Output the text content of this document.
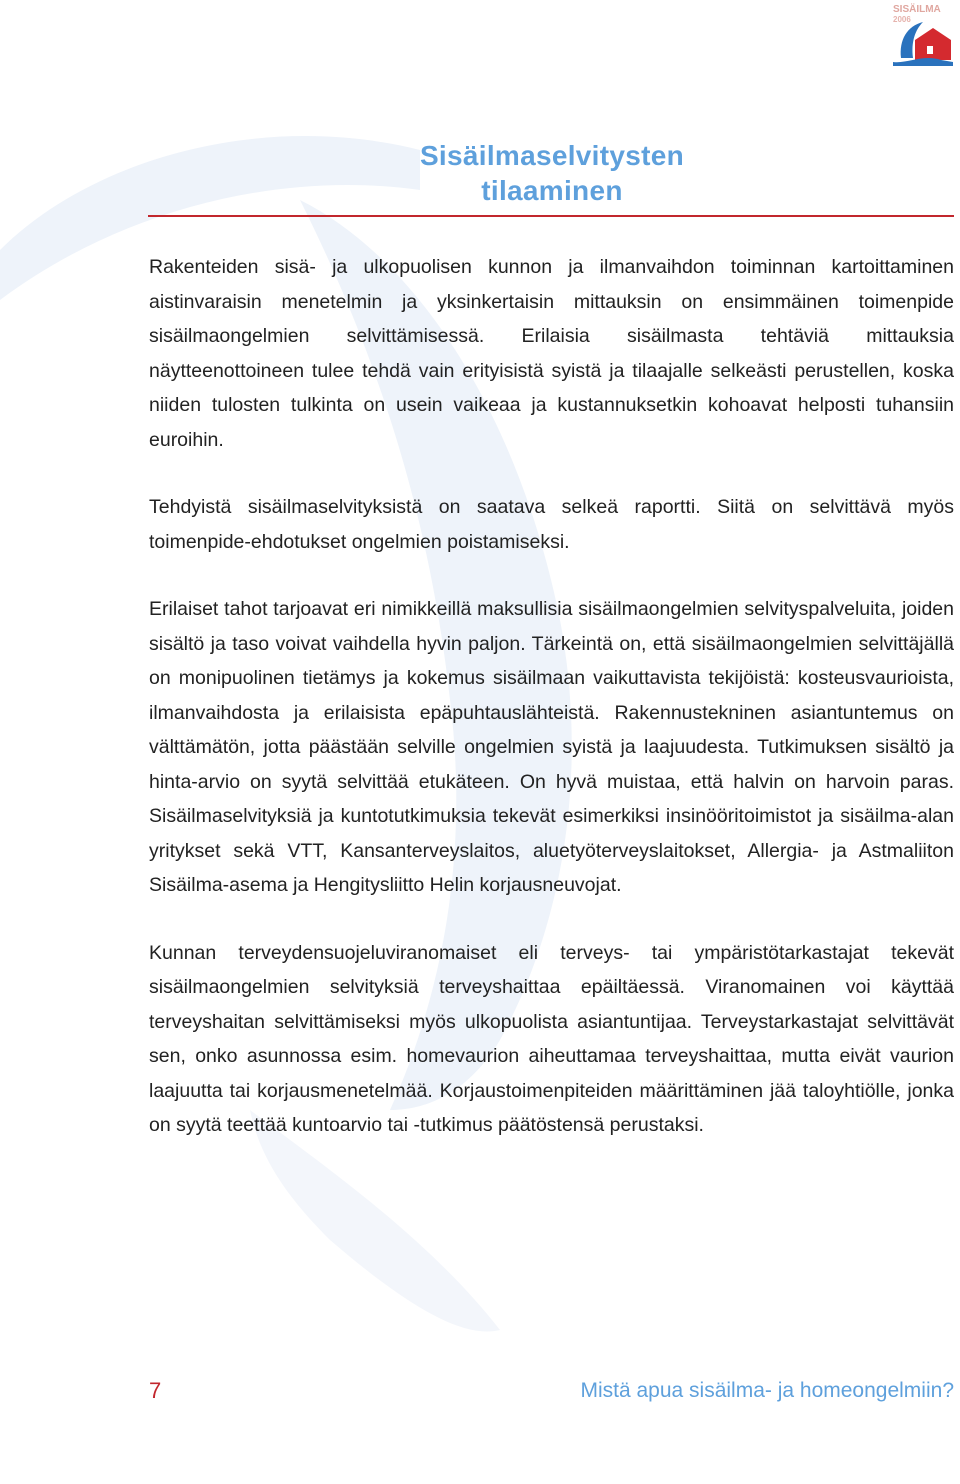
SISÄILMA
2006
Sisäilmaselvitysten
tilaaminen

Rakenteiden sisä- ja ulkopuolisen kunnon ja ilmanvaihdon toiminnan kartoittaminen aistinvaraisin menetelmin ja yksinkertaisin mittauksin on ensimmäinen toimenpide sisäilmaongelmien selvittämisessä. Erilaisia sisäilmasta tehtäviä mittauksia näytteenottoineen tulee tehdä vain erityisistä syistä ja tilaajalle selkeästi perustellen, koska niiden tulosten tulkinta on usein vaikeaa ja kustannuksetkin kohoavat helposti tuhansiin euroihin.

Tehdyistä sisäilmaselvityksistä on saatava selkeä raportti. Siitä on selvittävä myös toimenpide-ehdotukset ongelmien poistamiseksi.

Erilaiset tahot tarjoavat eri nimikkeillä maksullisia sisäilmaongelmien selvityspalveluita, joiden sisältö ja taso voivat vaihdella hyvin paljon. Tärkeintä on, että sisäilmaongelmien selvittäjällä on monipuolinen tietämys ja kokemus sisäilmaan vaikuttavista tekijöistä: kosteusvaurioista, ilmanvaihdosta ja erilaisista epäpuhtauslähteistä. Rakennustekninen asiantuntemus on välttämätön, jotta päästään selville ongelmien syistä ja laajuudesta. Tutkimuksen sisältö ja hinta-arvio on syytä selvittää etukäteen. On hyvä muistaa, että halvin on harvoin paras. Sisäilmaselvityksiä ja kuntotutkimuksia tekevät esimerkiksi insinööritoimistot ja sisäilma-alan yritykset sekä VTT, Kansanterveyslaitos, aluetyöterveyslaitokset, Allergia- ja Astmaliiton Sisäilma-asema ja Hengitysliitto Helin korjausneuvojat.

Kunnan terveydensuojeluviranomaiset eli terveys- tai ympäristötarkastajat tekevät sisäilmaongelmien selvityksiä terveyshaittaa epäiltäessä. Viranomainen voi käyttää terveyshaitan selvittämiseksi myös ulkopuolista asiantuntijaa. Terveystarkastajat selvittävät sen, onko asunnossa esim. homevaurion aiheuttamaa terveyshaittaa, mutta eivät vaurion laajuutta tai korjausmenetelmää. Korjaustoimenpiteiden määrittäminen jää taloyhtiölle, jonka on syytä teettää kuntoarvio tai -tutkimus päätöstensä perustaksi.

7	Mistä apua sisäilma- ja homeongelmiin?
